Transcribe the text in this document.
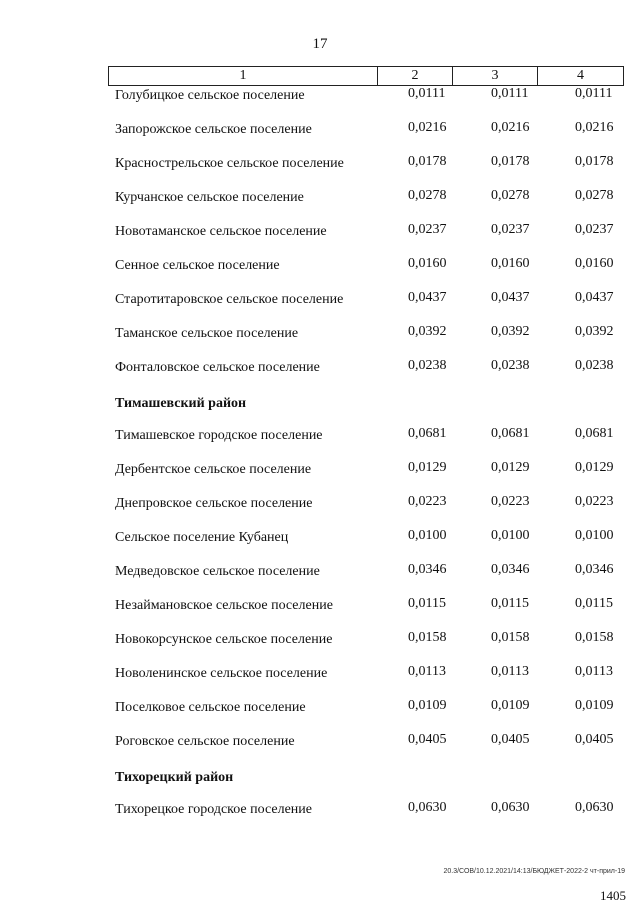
17
1	2	3	4
Голубицкое сельское поселение	0,0111	0,0111	0,0111
Запорожское сельское поселение	0,0216	0,0216	0,0216
Краснострельское сельское поселение	0,0178	0,0178	0,0178
Курчанское сельское поселение	0,0278	0,0278	0,0278
Новотаманское сельское поселение	0,0237	0,0237	0,0237
Сенное сельское поселение	0,0160	0,0160	0,0160
Старотитаровское сельское поселение	0,0437	0,0437	0,0437
Таманское сельское поселение	0,0392	0,0392	0,0392
Фонталовское сельское поселение	0,0238	0,0238	0,0238
Тимашевский район
Тимашевское городское поселение	0,0681	0,0681	0,0681
Дербентское сельское поселение	0,0129	0,0129	0,0129
Днепровское сельское поселение	0,0223	0,0223	0,0223
Сельское поселение Кубанец	0,0100	0,0100	0,0100
Медведовское сельское поселение	0,0346	0,0346	0,0346
Незаймановское сельское поселение	0,0115	0,0115	0,0115
Новокорсунское сельское поселение	0,0158	0,0158	0,0158
Новоленинское сельское поселение	0,0113	0,0113	0,0113
Поселковое сельское поселение	0,0109	0,0109	0,0109
Роговское сельское поселение	0,0405	0,0405	0,0405
Тихорецкий район
Тихорецкое городское поселение	0,0630	0,0630	0,0630
20.3/СОВ/10.12.2021/14:13/БЮДЖЕТ-2022-2 чт-прил-19
1405
